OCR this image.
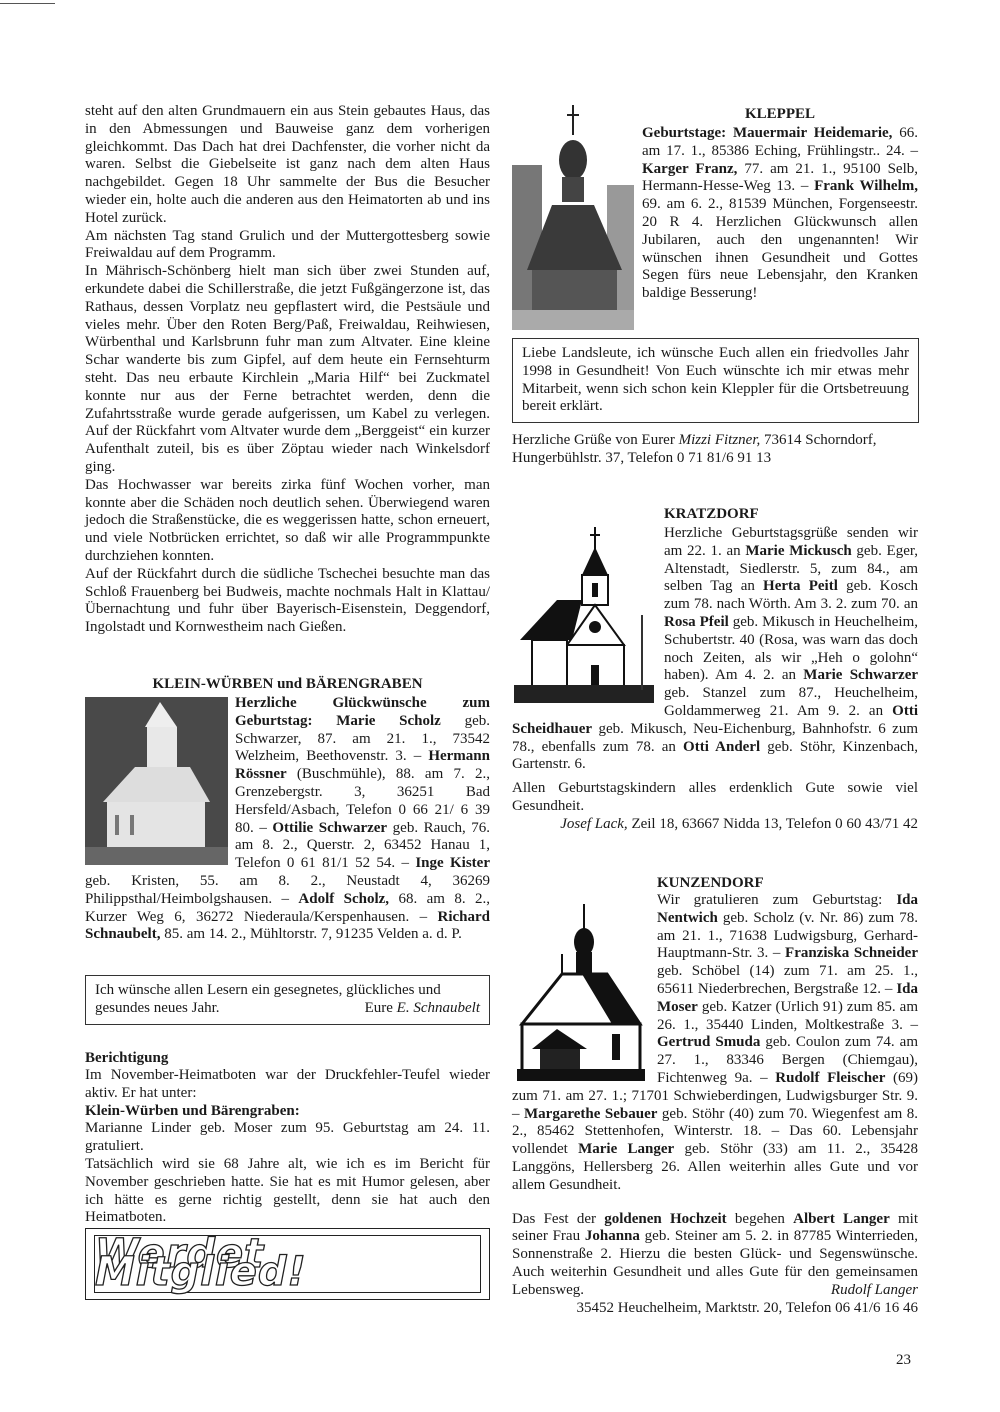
steht auf den alten Grundmauern ein aus Stein gebautes Haus, das in den Abmessungen und Bauweise ganz dem vorherigen gleichkommt. Das Dach hat drei Dachfenster, die vorher nicht da waren. Selbst die Giebelseite ist ganz nach dem alten Haus nachgebildet. Gegen 18 Uhr sammelte der Bus die Besucher wieder ein, holte auch die anderen aus den Heimatorten ab und ins Hotel zurück.

Am nächsten Tag stand Grulich und der Muttergottesberg sowie Freiwaldau auf dem Programm.

In Mährisch-Schönberg hielt man sich über zwei Stunden auf, erkundete dabei die Schillerstraße, die jetzt Fußgängerzone ist, das Rathaus, dessen Vorplatz neu gepflastert wird, die Pestsäule und vieles mehr. Über den Roten Berg/Paß, Freiwaldau, Reihwiesen, Würbenthal und Karlsbrunn fuhr man zum Altvater. Eine kleine Schar wanderte bis zum Gipfel, auf dem heute ein Fernsehturm steht. Das neu erbaute Kirchlein „Maria Hilf“ bei Zuckmatel konnte nur aus der Ferne betrachtet werden, denn die Zufahrtsstraße wurde gerade aufgerissen, um Kabel zu verlegen. Auf der Rückfahrt vom Altvater wurde dem „Berggeist“ ein kurzer Aufenthalt zuteil, bis es über Zöptau wieder nach Winkelsdorf ging.

Das Hochwasser war bereits zirka fünf Wochen vorher, man konnte aber die Schäden noch deutlich sehen. Überwiegend waren jedoch die Straßenstücke, die es weggerissen hatte, schon erneuert, und viele Notbrücken errichtet, so daß wir alle Programmpunkte durchziehen konnten.

Auf der Rückfahrt durch die südliche Tschechei besuchte man das Schloß Frauenberg bei Budweis, machte nochmals Halt in Klattau/Übernachtung und fuhr über Bayerisch-Eisenstein, Deggendorf, Ingolstadt und Kornwestheim nach Gießen.

KLEIN-WÜRBEN und BÄRENGRABEN

Herzliche Glückwünsche zum Geburtstag: Marie Scholz geb. Schwarzer, 87. am 21. 1., 73542 Welzheim, Beethovenstr. 3. – Hermann Rössner (Buschmühle), 88. am 7. 2., Grenzebergstr. 3, 36251 Bad Hersfeld/Asbach, Telefon 0 66 21/ 6 39 80. – Ottilie Schwarzer geb. Rauch, 76. am 8. 2., Querstr. 2, 63452 Hanau 1, Telefon 0 61 81/1 52 54. – Inge Kister geb. Kristen, 55. am 8. 2., Neustadt 4, 36269 Philippsthal/Heimbolgshausen. – Adolf Scholz, 68. am 8. 2., Kurzer Weg 6, 36272 Niederaula/Kerspenhausen. – Richard Schnaubelt, 85. am 14. 2., Mühltorstr. 7, 91235 Velden a. d. P.

Ich wünsche allen Lesern ein gesegnetes, glückliches und gesundes neues Jahr.	Eure E. Schnaubelt
Berichtigung

Im November-Heimatboten war der Druckfehler-Teufel wieder aktiv. Er hat unter:

Klein-Würben und Bärengraben:

Marianne Linder geb. Moser zum 95. Geburtstag am 24. 11. gratuliert.

Tatsächlich wird sie 68 Jahre alt, wie ich es im Bericht für November geschrieben hatte. Sie hat es mit Humor gelesen, aber ich hätte es gerne richtig gestellt, denn sie hat auch den Heimatboten.

Werdet Mitglied!
KLEPPEL

Geburtstage: Mauermair Heidemarie, 66. am 17. 1., 85386 Eching, Frühlingstr.. 24. – Karger Franz, 77. am 21. 1., 95100 Selb, Hermann-Hesse-Weg 13. – Frank Wilhelm, 69. am 6. 2., 81539 München, Forgenseestr. 20 R 4. Herzlichen Glückwunsch allen Jubilaren, auch den ungenannten! Wir wünschen ihnen Gesundheit und Gottes Segen fürs neue Lebensjahr, den Kranken baldige Besserung!

Liebe Landsleute, ich wünsche Euch allen ein friedvolles Jahr 1998 in Gesundheit! Von Euch wünschte ich mir etwas mehr Mitarbeit, wenn sich schon kein Kleppler für die Ortsbetreuung bereit erklärt.

Herzliche Grüße von Eurer Mizzi Fitzner, 73614 Schorndorf, Hungerbühlstr. 37, Telefon 0 71 81/6 91 13

KRATZDORF

Herzliche Geburtstagsgrüße senden wir am 22. 1. an Marie Mickusch geb. Eger, Altenstadt, Siedlerstr. 5, zum 84., am selben Tag an Herta Peitl geb. Kosch zum 78. nach Wörth. Am 3. 2. zum 70. an Rosa Pfeil geb. Mikusch in Heuchelheim, Schubertstr. 40 (Rosa, was warn das doch noch Zeiten, als wir „Heh o golohn“ haben). Am 4. 2. an Marie Schwarzer geb. Stanzel zum 87., Heuchelheim, Goldammerweg 21. Am 9. 2. an Otti Scheidhauer geb. Mikusch, Neu-Eichenburg, Bahnhofstr. 6 zum 78., ebenfalls zum 78. an Otti Anderl geb. Stöhr, Kinzenbach, Gartenstr. 6.

Allen Geburtstagskindern alles erdenklich Gute sowie viel Gesundheit.

Josef Lack, Zeil 18, 63667 Nidda 13, Telefon 0 60 43/71 42
KUNZENDORF

Wir gratulieren zum Geburtstag: Ida Nentwich geb. Scholz (v. Nr. 86) zum 78. am 21. 1., 71638 Ludwigsburg, Gerhard-Hauptmann-Str. 3. – Franziska Schneider geb. Schöbel (14) zum 71. am 25. 1., 65611 Niederbrechen, Bergstraße 12. – Ida Moser geb. Katzer (Urlich 91) zum 85. am 26. 1., 35440 Linden, Moltkestraße 3. – Gertrud Smuda geb. Coulon zum 74. am 27. 1., 83346 Bergen (Chiemgau), Fichtenweg 9a. – Rudolf Fleischer (69) zum 71. am 27. 1.; 71701 Schwieberdingen, Ludwigsburger Str. 9. – Margarethe Sebauer geb. Stöhr (40) zum 70. Wiegenfest am 8. 2., 85462 Stettenhofen, Winterstr. 18. – Das 60. Lebensjahr vollendet Marie Langer geb. Stöhr (33) am 11. 2., 35428 Langgöns, Hellersberg 26. Allen weiterhin alles Gute und vor allem Gesundheit.

Das Fest der goldenen Hochzeit begehen Albert Langer mit seiner Frau Johanna geb. Steiner am 5. 2. in 87785 Winterrieden, Sonnenstraße 2. Hierzu die besten Glück- und Segenswünsche. Auch weiterhin Gesundheit und alles Gute für den gemeinsamen Lebensweg.	Rudolf Langer
35452 Heuchelheim, Marktstr. 20, Telefon 06 41/6 16 46
23
